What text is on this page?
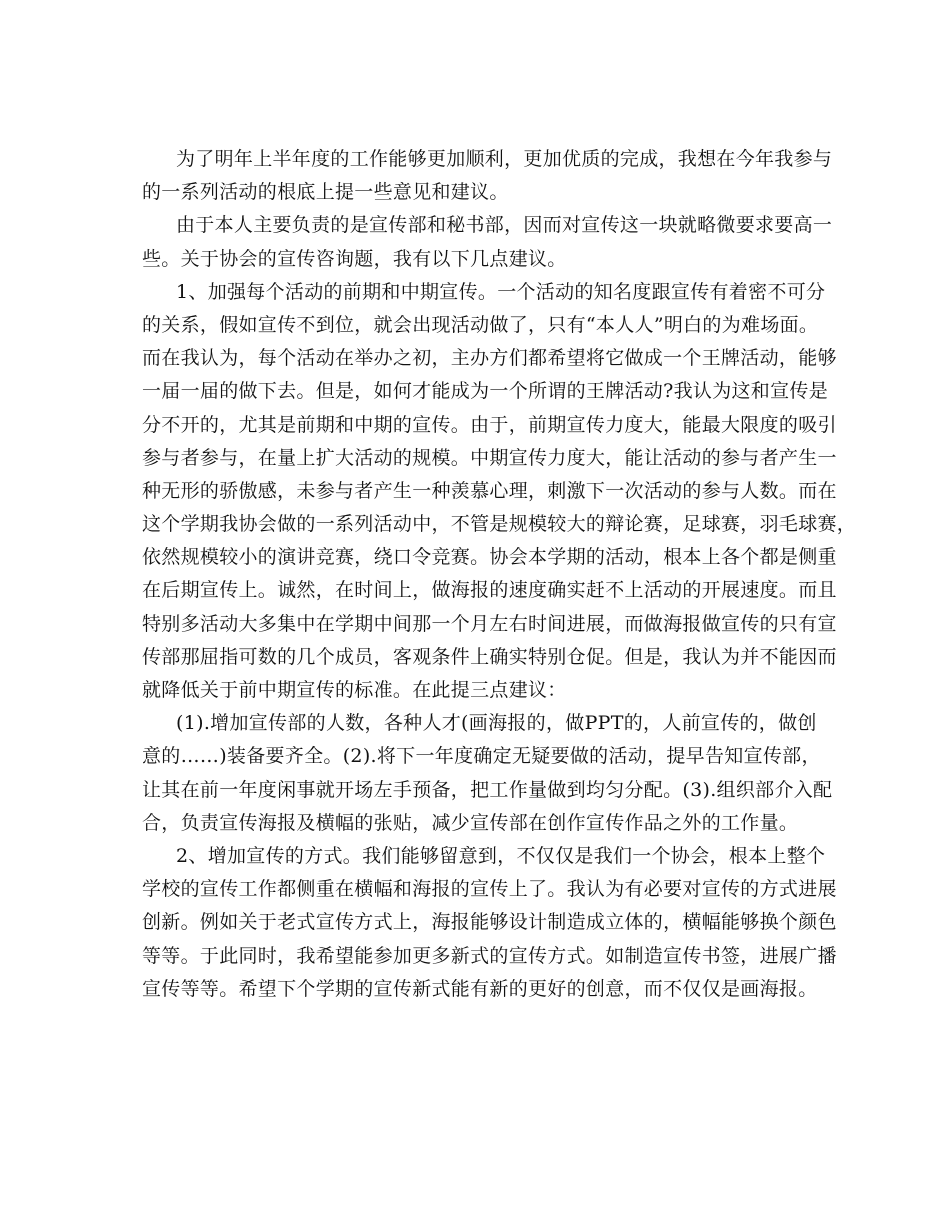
为了明年上半年度的工作能够更加顺利，更加优质的完成，我想在今年我参与
的一系列活动的根底上提一些意见和建议。
由于本人主要负责的是宣传部和秘书部，因而对宣传这一块就略微要求要高一
些。关于协会的宣传咨询题，我有以下几点建议。
1、加强每个活动的前期和中期宣传。一个活动的知名度跟宣传有着密不可分
的关系，假如宣传不到位，就会出现活动做了，只有“本人人”明白的为难场面。
而在我认为，每个活动在举办之初，主办方们都希望将它做成一个王牌活动，能够
一届一届的做下去。但是，如何才能成为一个所谓的王牌活动?我认为这和宣传是
分不开的，尤其是前期和中期的宣传。由于，前期宣传力度大，能最大限度的吸引
参与者参与，在量上扩大活动的规模。中期宣传力度大，能让活动的参与者产生一
种无形的骄傲感，未参与者产生一种羡慕心理，刺激下一次活动的参与人数。而在
这个学期我协会做的一系列活动中，不管是规模较大的辩论赛，足球赛，羽毛球赛，
依然规模较小的演讲竞赛，绕口令竞赛。协会本学期的活动，根本上各个都是侧重
在后期宣传上。诚然，在时间上，做海报的速度确实赶不上活动的开展速度。而且
特别多活动大多集中在学期中间那一个月左右时间进展，而做海报做宣传的只有宣
传部那屈指可数的几个成员，客观条件上确实特别仓促。但是，我认为并不能因而
就降低关于前中期宣传的标准。在此提三点建议：
(1).增加宣传部的人数，各种人才(画海报的，做PPT的，人前宣传的，做创
意的……)装备要齐全。(2).将下一年度确定无疑要做的活动，提早告知宣传部，
让其在前一年度闲事就开场左手预备，把工作量做到均匀分配。(3).组织部介入配
合，负责宣传海报及横幅的张贴，减少宣传部在创作宣传作品之外的工作量。
2、增加宣传的方式。我们能够留意到，不仅仅是我们一个协会，根本上整个
学校的宣传工作都侧重在横幅和海报的宣传上了。我认为有必要对宣传的方式进展
创新。例如关于老式宣传方式上，海报能够设计制造成立体的，横幅能够换个颜色
等等。于此同时，我希望能参加更多新式的宣传方式。如制造宣传书签，进展广播
宣传等等。希望下个学期的宣传新式能有新的更好的创意，而不仅仅是画海报。
